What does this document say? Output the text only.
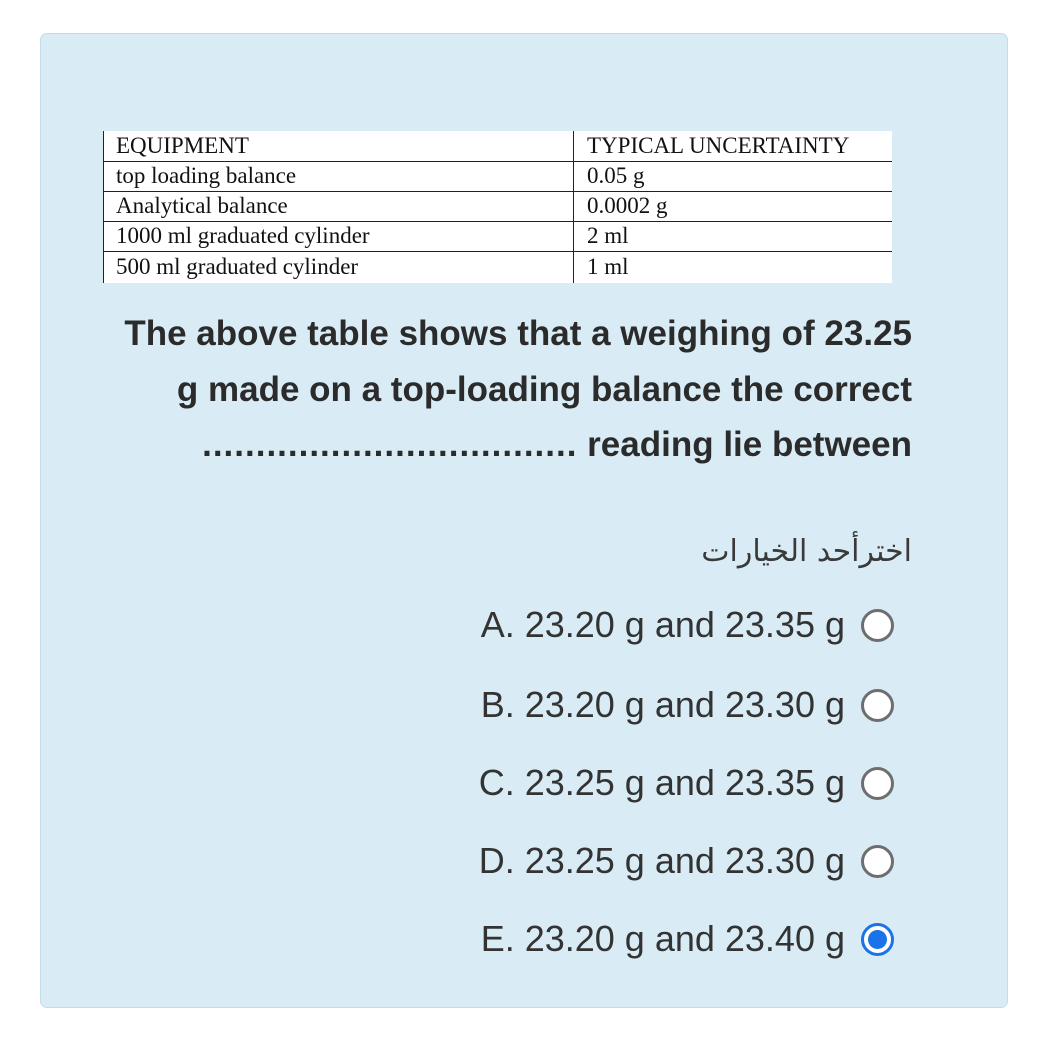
EQUIPMENT	TYPICAL UNCERTAINTY
top loading balance	0.05 g
Analytical balance	0.0002 g
1000 ml graduated cylinder	2 ml
500 ml graduated cylinder	1 ml
The above table shows that a weighing of 23.25
g made on a top-loading balance the correct
................................... reading lie between
اخترأحد الخيارات
A. 23.20 g and 23.35 g
B. 23.20 g and 23.30 g
C. 23.25 g and 23.35 g
D. 23.25 g and 23.30 g
E. 23.20 g and 23.40 g
